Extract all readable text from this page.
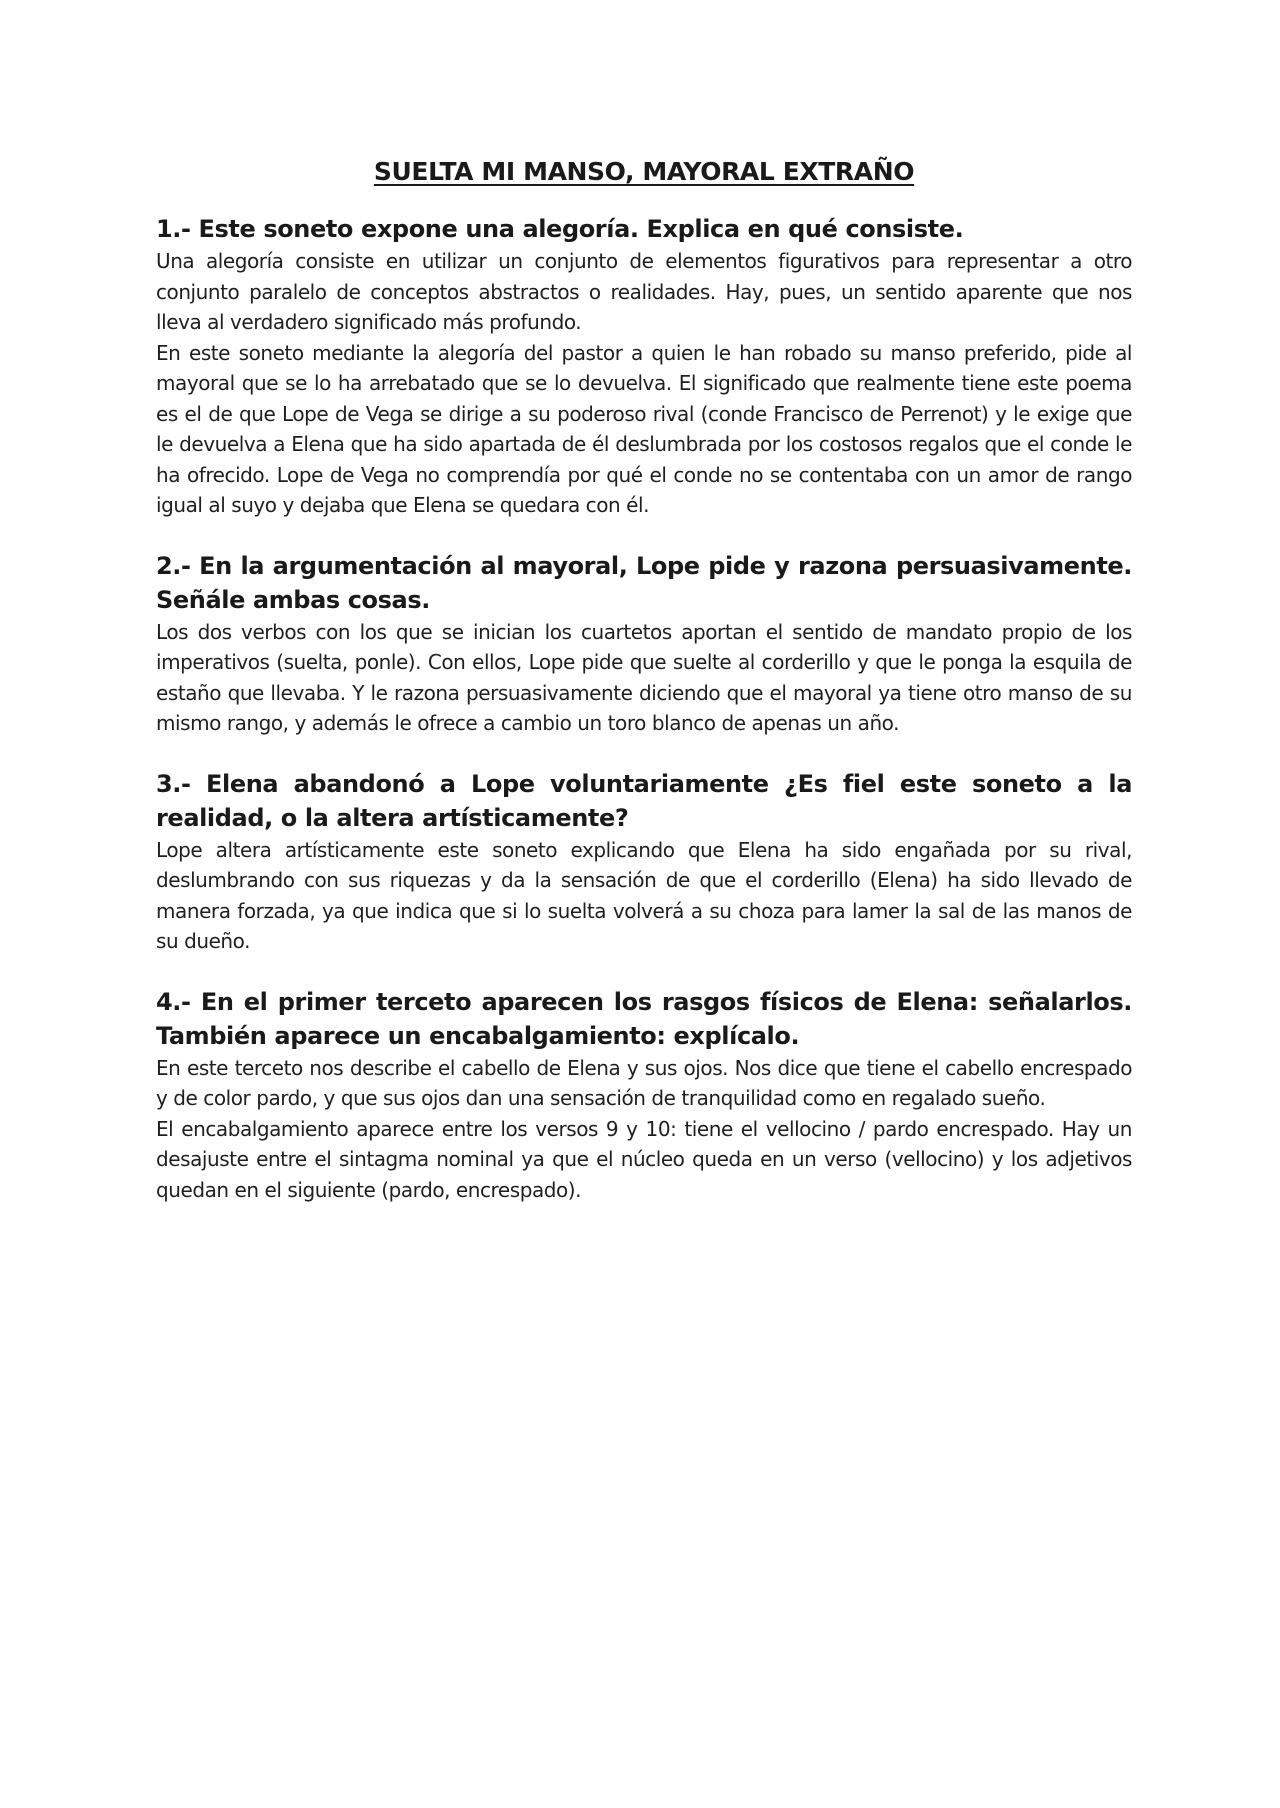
SUELTA MI MANSO, MAYORAL EXTRAÑO
1.- Este soneto expone una alegoría. Explica en qué consiste.

Una alegoría consiste en utilizar un conjunto de elementos figurativos para representar a otro conjunto paralelo de conceptos abstractos o realidades. Hay, pues, un sentido aparente que nos lleva al verdadero significado más profundo.

En este soneto mediante la alegoría del pastor a quien le han robado su manso preferido, pide al mayoral que se lo ha arrebatado que se lo devuelva. El significado que realmente tiene este poema es el de que Lope de Vega se dirige a su poderoso rival (conde Francisco de Perrenot) y le exige que le devuelva a Elena que ha sido apartada de él deslumbrada por los costosos regalos que el conde le ha ofrecido. Lope de Vega no comprendía por qué el conde no se contentaba con un amor de rango igual al suyo y dejaba que Elena se quedara con él.

2.- En la argumentación al mayoral, Lope pide y razona persuasivamente. Señále ambas cosas.

Los dos verbos con los que se inician los cuartetos aportan el sentido de mandato propio de los imperativos (suelta, ponle). Con ellos, Lope pide que suelte al corderillo y que le ponga la esquila de estaño que llevaba. Y le razona persuasivamente diciendo que el mayoral ya tiene otro manso de su mismo rango, y además le ofrece a cambio un toro blanco de apenas un año.

3.- Elena abandonó a Lope voluntariamente ¿Es fiel este soneto a la realidad, o la altera artísticamente?

Lope altera artísticamente este soneto explicando que Elena ha sido engañada por su rival, deslumbrando con sus riquezas y da la sensación de que el corderillo (Elena) ha sido llevado de manera forzada, ya que indica que si lo suelta volverá a su choza para lamer la sal de las manos de su dueño.

4.- En el primer terceto aparecen los rasgos físicos de Elena: señalarlos. También aparece un encabalgamiento: explícalo.

En este terceto nos describe el cabello de Elena y sus ojos. Nos dice que tiene el cabello encrespado y de color pardo, y que sus ojos dan una sensación de tranquilidad como en regalado sueño.

El encabalgamiento aparece entre los versos 9 y 10: tiene el vellocino / pardo encrespado. Hay un desajuste entre el sintagma nominal ya que el núcleo queda en un verso (vellocino) y los adjetivos quedan en el siguiente (pardo, encrespado).
